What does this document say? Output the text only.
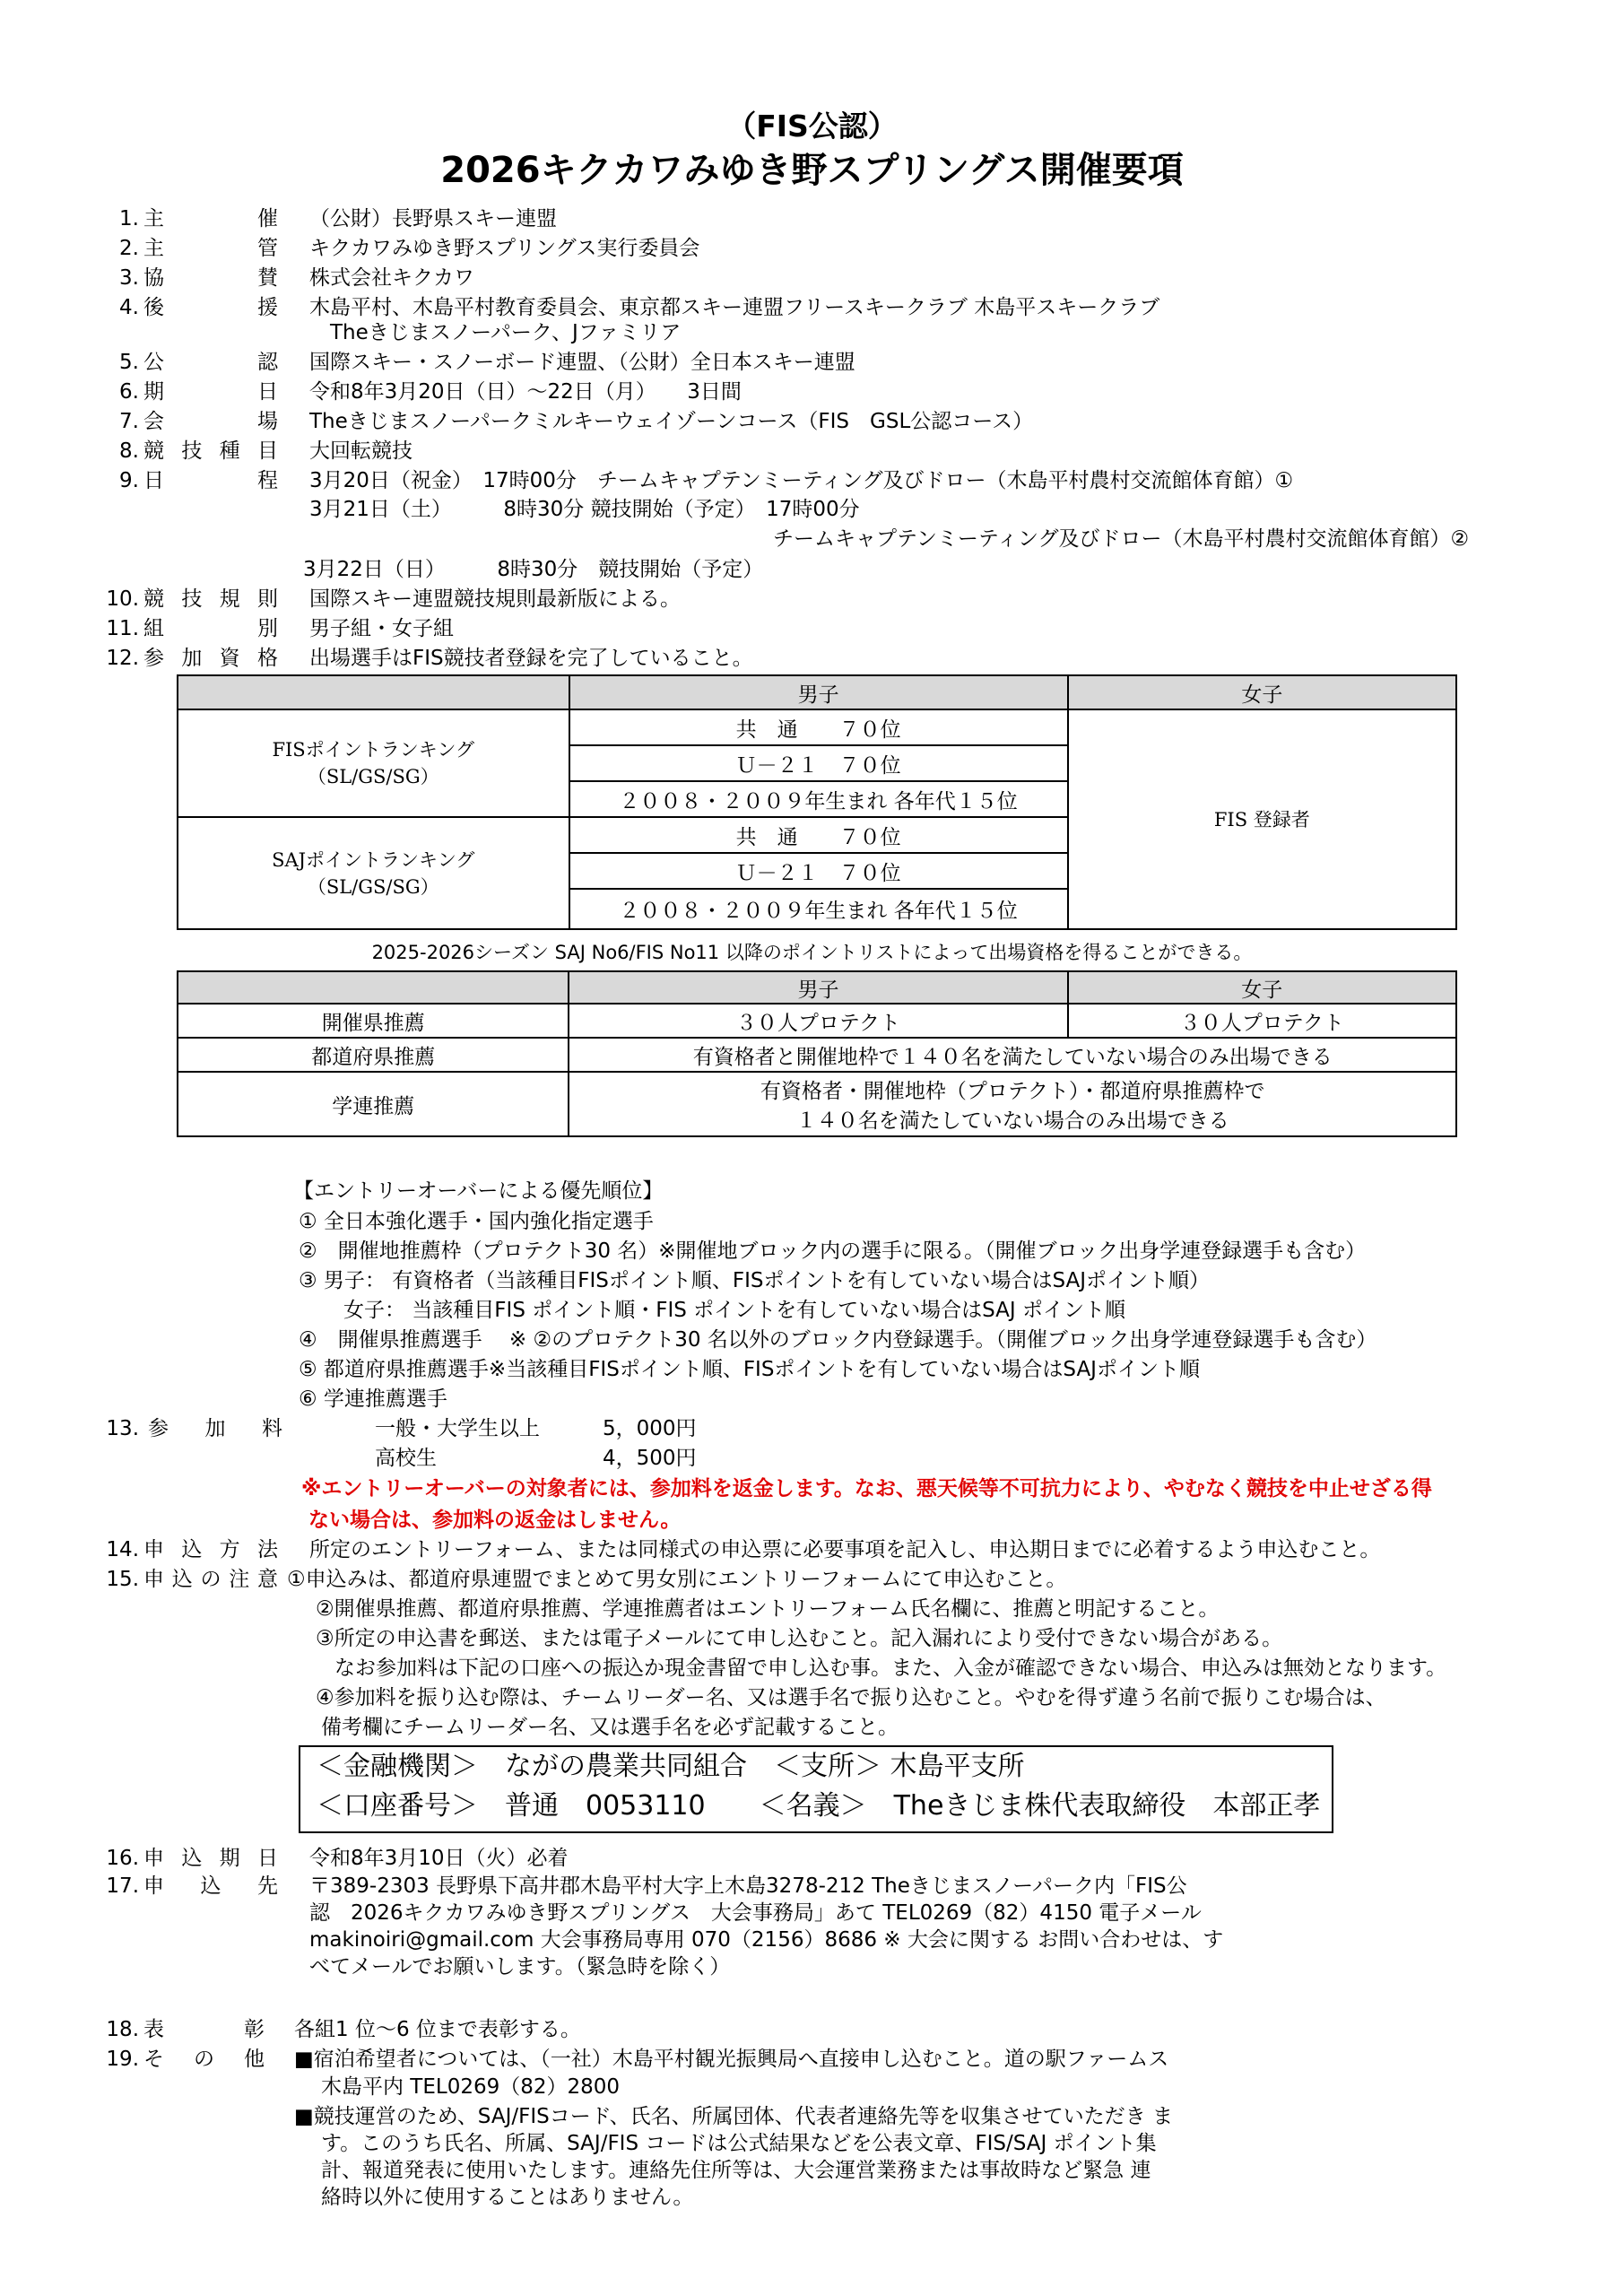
（FIS公認）
2026キクカワみゆき野スプリングス開催要項
1. 主　催 （公財）長野県スキー連盟
2. 主　管 キクカワみゆき野スプリングス実行委員会
3. 協　賛 株式会社キクカワ
4. 後　援 木島平村、木島平村教育委員会、東京都スキー連盟フリースキークラブ 木島平スキークラブ
Theきじまスノーパーク、Jファミリア
5. 公　認 国際スキー・スノーボード連盟、（公財）全日本スキー連盟
6. 期　日 令和8年3月20日（日）～22日（月）　　3日間
7. 会　場 Theきじまスノーパークミルキーウェイゾーンコース（FIS　GSL公認コース）
8. 競技種目 大回転競技
9. 日　程 3月20日（祝金）　17時00分　チームキャプテンミーティング及びドロー（木島平村農村交流館体育館）①
3月21日（土）　　　8時30分 競技開始（予定）　17時00分
チームキャプテンミーティング及びドロー（木島平村農村交流館体育館）②
3月22日（日）　　　8時30分　競技開始（予定）
10. 競技規則 国際スキー連盟競技規則最新版による。
11. 組　別 男子組・女子組
12. 参加資格 出場選手はFIS競技者登録を完了していること。
	男子	女子

FISポイントランキング
（SL/GS/SG）	共　通　　７０位	FIS 登録者
	Ｕ－２１　７０位	
	２００８・２００９年生まれ 各年代１５位	

SAJポイントランキング
（SL/GS/SG）	共　通　　７０位	
	Ｕ－２１　７０位	
	２００８・２００９年生まれ 各年代１５位	
2025-2026シーズン SAJ No6/FIS No11 以降のポイントリストによって出場資格を得ることができる。
	男子	女子
開催県推薦	３０人プロテクト	３０人プロテクト
都道府県推薦	有資格者と開催地枠で１４０名を満たしていない場合のみ出場できる	
学連推薦	有資格者・開催地枠（プロテクト）・都道府県推薦枠で
１４０名を満たしていない場合のみ出場できる	
【エントリーオーバーによる優先順位】
① 全日本強化選手・国内強化指定選手
②　開催地推薦枠（プロテクト30 名）※開催地ブロック内の選手に限る。（開催ブロック出身学連登録選手も含む）
③ 男子： 有資格者（当該種目FISポイント順、FISポイントを有していない場合はSAJポイント順）
女子： 当該種目FIS ポイント順・FIS ポイントを有していない場合はSAJ ポイント順
④　開催県推薦選手　 ※ ②のプロテクト30 名以外のブロック内登録選手。（開催ブロック出身学連登録選手も含む）
⑤ 都道府県推薦選手※当該種目FISポイント順、FISポイントを有していない場合はSAJポイント順
⑥ 学連推薦選手
13. 参加料	一般・大学生以上	5，000円
高校生	4，500円
※エントリーオーバーの対象者には、参加料を返金します。なお、悪天候等不可抗力により、やむなく競技を中止せざる得
ない場合は、参加料の返金はしません。
14. 申込方法 所定のエントリーフォーム、または同様式の申込票に必要事項を記入し、申込期日までに必着するよう申込むこと。
15. 申込の注意 ①申込みは、都道府県連盟でまとめて男女別にエントリーフォームにて申込むこと。
②開催県推薦、都道府県推薦、学連推薦者はエントリーフォーム氏名欄に、推薦と明記すること。
③所定の申込書を郵送、または電子メールにて申し込むこと。記入漏れにより受付できない場合がある。
なお参加料は下記の口座への振込か現金書留で申し込む事。また、入金が確認できない場合、申込みは無効となります。
④参加料を振り込む際は、チームリーダー名、又は選手名で振り込むこと。やむを得ず違う名前で振りこむ場合は、
備考欄にチームリーダー名、又は選手名を必ず記載すること。
＜金融機関＞　ながの農業共同組合　＜支所＞ 木島平支所
＜口座番号＞　普通　0053110　　＜名義＞　Theきじま株代表取締役　本部正孝
16. 申込期日 令和8年3月10日（火）必着
17. 申込先 〒389-2303 長野県下高井郡木島平村大字上木島3278-212 Theきじまスノーパーク内「FIS公
認　2026キクカワみゆき野スプリングス　大会事務局」あて TEL0269（82）4150 電子メール
makinoiri@gmail.com 大会事務局専用 070（2156）8686 ※ 大会に関する お問い合わせは、す
べてメールでお願いします。（緊急時を除く）
18. 表　彰 各組1 位～6 位まで表彰する。
19. その他 ■宿泊希望者については、（一社）木島平村観光振興局へ直接申し込むこと。道の駅ファームス
木島平内 TEL0269（82）2800
■競技運営のため、SAJ/FISコード、氏名、所属団体、代表者連絡先等を収集させていただき ま
す。このうち氏名、所属、SAJ/FIS コードは公式結果などを公表文章、FIS/SAJ ポイント集
計、報道発表に使用いたします。連絡先住所等は、大会運営業務または事故時など緊急 連
絡時以外に使用することはありません。
